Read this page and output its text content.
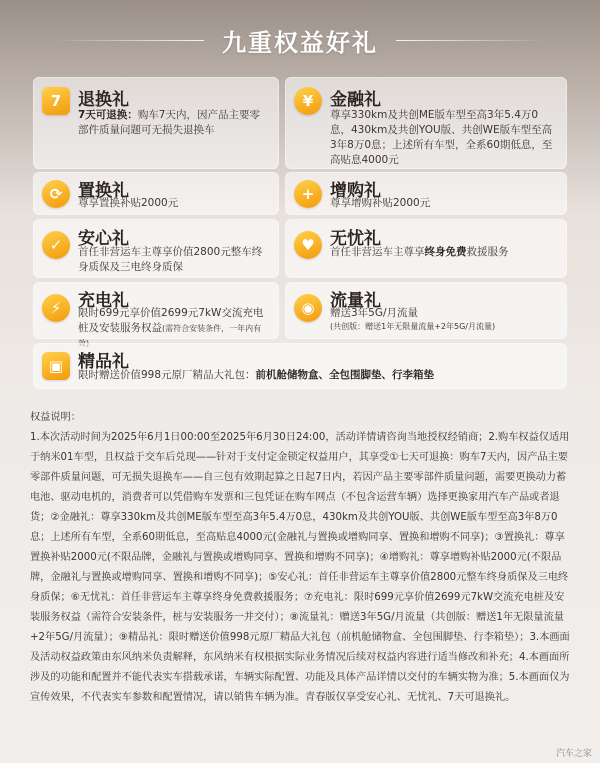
九重权益好礼
7 退换礼
7天可退换：购车7天内，因产品主要零部件质量问题可无损失退换车
¥ 金融礼
尊享330km及共创ME版车型至高3年5.4万0息，430km及共创YOU版、共创WE版车型至高3年8万0息；上述所有车型，全系60期低息，至高贴息4000元
⟳ 置换礼
尊享置换补贴2000元	+ 增购礼
尊享增购补贴2000元
✓ 安心礼
首任非营运车主尊享价值2800元整车终身质保及三电终身质保
♥ 无忧礼
首任非营运车主尊享终身免费救援服务
⚡ 充电礼
限时699元享价值2699元7kW交流充电桩及安装服务权益(需符合安装条件，一年内有
◉ 流量礼
赠送3年5G/月流量
(共创版：赠送1年无限量流量+2年5G/月流量)
▣ 精品礼
限时赠送价值998元原厂精品大礼包：前机舱储物盒、全包围脚垫、行李箱垫
权益说明：
1.本次活动时间为2025年6月1日00:00至2025年6月30日24:00，活动详情请咨询当地授权经销商；2.购车权益仅适用于纳米01车型，且权益于交车后兑现——针对于支付定金锁定权益用户，其享受①七天可退换：购车7天内，因产品主要零部件质量问题，可无损失退换车——自三包有效期起算之日起7日内，若因产品主要零部件质量问题，需要更换动力蓄电池、驱动电机的，消费者可以凭借购车发票和三包凭证在购车网点（不包含运营车辆）选择更换家用汽车产品或者退货；②金融礼：尊享330km及共创ME版车型至高3年5.4万0息，430km及共创YOU版、共创WE版车型至高3年8万0息；上述所有车型，全系60期低息，至高贴息4000元(金融礼与置换或增购同享、置换和增购不同享)；③置换礼：尊享置换补贴2000元(不限品牌，金融礼与置换或增购同享、置换和增购不同享)；④增购礼：尊享增购补贴2000元(不限品牌，金融礼与置换或增购同享、置换和增购不同享)；⑤安心礼：首任非营运车主尊享价值2800元整车终身质保及三电终身质保；⑥无忧礼：首任非营运车主尊享终身免费救援服务；⑦充电礼：限时699元享价值2699元7kW交流充电桩及安装服务权益（需符合安装条件，桩与安装服务一并交付）；⑧流量礼：赠送3年5G/月流量（共创版：赠送1年无限量流量+2年5G/月流量）；⑨精品礼：限时赠送价值998元原厂精品大礼包（前机舱储物盒、全包围脚垫、行李箱垫）；3.本画面及活动权益政策由东风纳米负责解释，东风纳米有权根据实际业务情况后续对权益内容进行适当修改和补充；4.本画面所涉及的功能和配置并不能代表实车搭载承诺，车辆实际配置、功能及具体产品详情以交付的车辆实物为准；5.本画面仅为宣传效果，不代表实车参数和配置情况，请以销售车辆为准。青春版仅享受安心礼、无忧礼、7天可退换礼。
汽车之家
